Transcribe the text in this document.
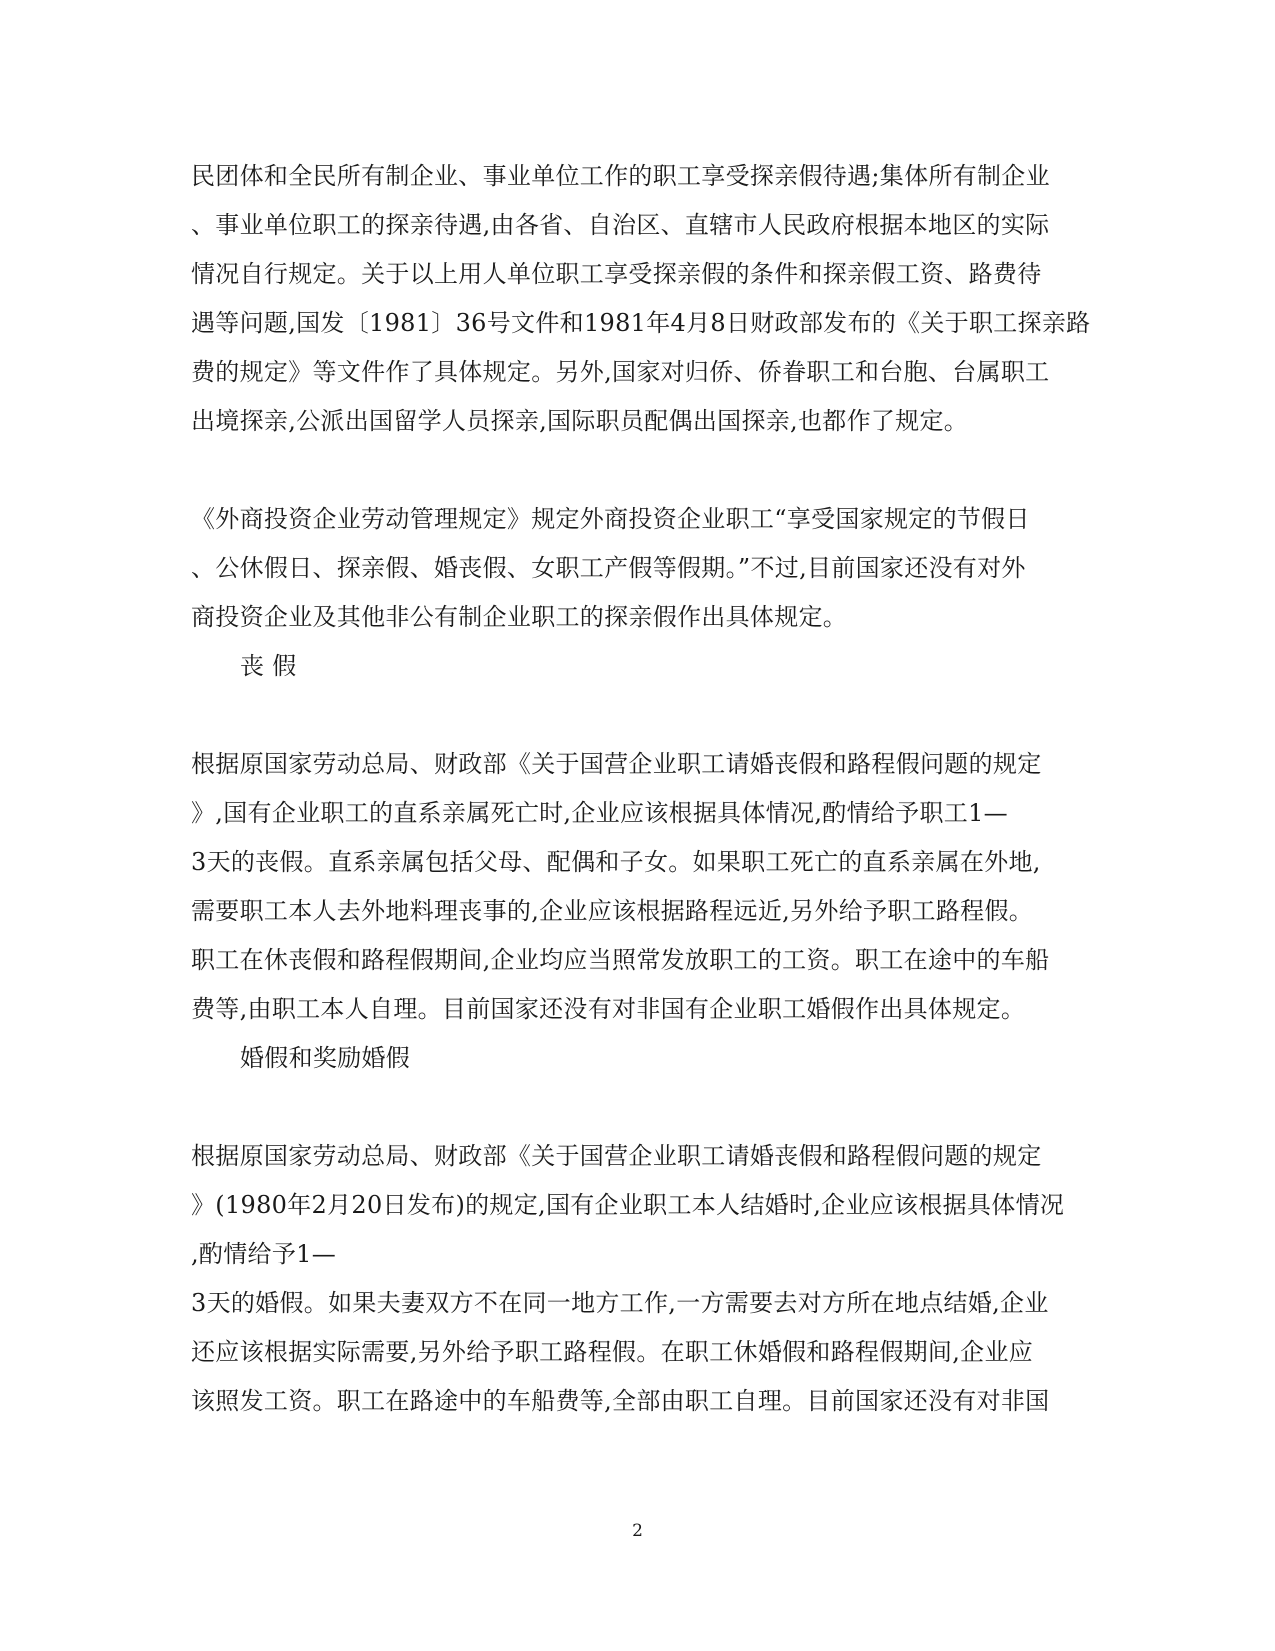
民团体和全民所有制企业、事业单位工作的职工享受探亲假待遇;集体所有制企业
、事业单位职工的探亲待遇,由各省、自治区、直辖市人民政府根据本地区的实际
情况自行规定。关于以上用人单位职工享受探亲假的条件和探亲假工资、路费待
遇等问题,国发〔1981〕36号文件和1981年4月8日财政部发布的《关于职工探亲路
费的规定》等文件作了具体规定。另外,国家对归侨、侨眷职工和台胞、台属职工
出境探亲,公派出国留学人员探亲,国际职员配偶出国探亲,也都作了规定。
《外商投资企业劳动管理规定》规定外商投资企业职工“享受国家规定的节假日
、公休假日、探亲假、婚丧假、女职工产假等假期。”不过,目前国家还没有对外
商投资企业及其他非公有制企业职工的探亲假作出具体规定。
丧 假
根据原国家劳动总局、财政部《关于国营企业职工请婚丧假和路程假问题的规定
》,国有企业职工的直系亲属死亡时,企业应该根据具体情况,酌情给予职工1—
3天的丧假。直系亲属包括父母、配偶和子女。如果职工死亡的直系亲属在外地,
需要职工本人去外地料理丧事的,企业应该根据路程远近,另外给予职工路程假。
职工在休丧假和路程假期间,企业均应当照常发放职工的工资。职工在途中的车船
费等,由职工本人自理。目前国家还没有对非国有企业职工婚假作出具体规定。
婚假和奖励婚假
根据原国家劳动总局、财政部《关于国营企业职工请婚丧假和路程假问题的规定
》(1980年2月20日发布)的规定,国有企业职工本人结婚时,企业应该根据具体情况
,酌情给予1—
3天的婚假。如果夫妻双方不在同一地方工作,一方需要去对方所在地点结婚,企业
还应该根据实际需要,另外给予职工路程假。在职工休婚假和路程假期间,企业应
该照发工资。职工在路途中的车船费等,全部由职工自理。目前国家还没有对非国
2
